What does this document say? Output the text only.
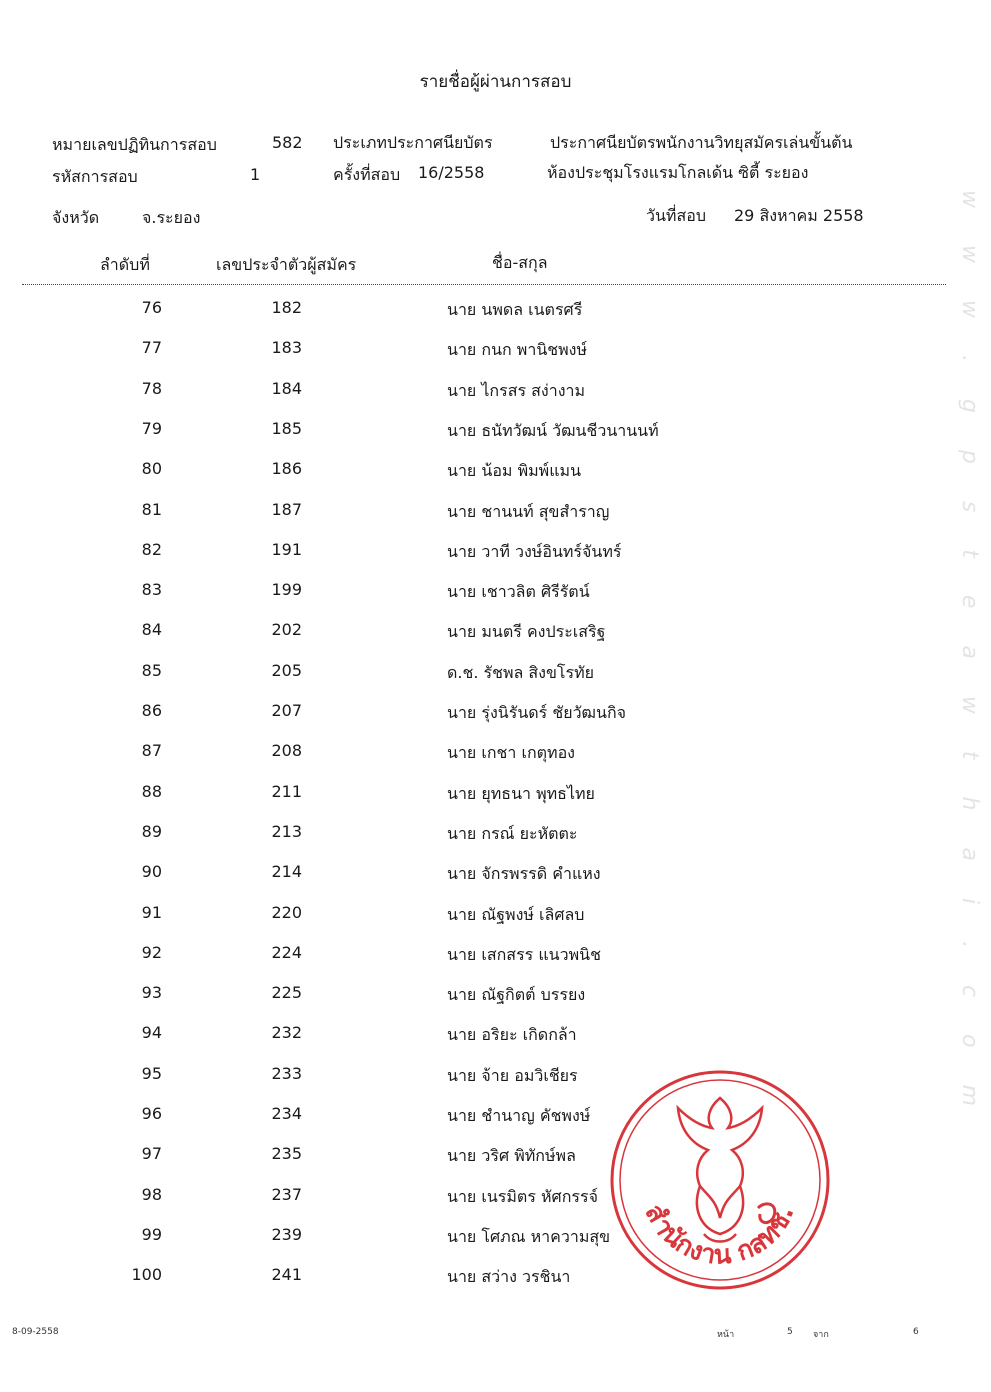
รายชื่อผู้ผ่านการสอบ
หมายเลขปฏิทินการสอบ	582 ประเภทประกาศนียบัตร	ประกาศนียบัตรพนักงานวิทยุสมัครเล่นขั้นต้น
รหัสการสอบ	1	ครั้งที่สอบ 16/2558	ห้องประชุมโรงแรมโกลเด้น ซิตี้ ระยอง
จังหวัด	จ.ระยอง	วันที่สอบ 29 สิงหาคม 2558
ลำดับที่	เลขประจำตัวผู้สมัคร	ชื่อ-สกุล
76	182	นาย นพดล เนตรศรี
77	183	นาย กนก พานิชพงษ์
78	184	นาย ไกรสร สง่างาม
79	185	นาย ธนัทวัฒน์ วัฒนชีวนานนท์
80	186	นาย น้อม พิมพ์แมน
81	187	นาย ชานนท์ สุขสำราญ
82	191	นาย วาที วงษ์อินทร์จันทร์
83	199	นาย เชาวลิต ศิรีรัตน์
84	202	นาย มนตรี คงประเสริฐ
85	205	ด.ช. รัชพล สิงขโรทัย
86	207	นาย รุ่งนิรันดร์ ชัยวัฒนกิจ
87	208	นาย เกชา เกตุทอง
88	211	นาย ยุทธนา พุทธไทย
89	213	นาย กรณ์ ยะหัตตะ
90	214	นาย จักรพรรดิ คำแหง
91	220	นาย ณัฐพงษ์ เลิศลบ
92	224	นาย เสกสรร แนวพนิช
93	225	นาย ณัฐกิตต์ บรรยง
94	232	นาย อริยะ เกิดกล้า
95	233	นาย จ้าย อมวิเชียร
96	234	นาย ชำนาญ คัชพงษ์
97	235	นาย วริศ พิทักษ์พล
98	237	นาย เนรมิตร หัศกรรจ์
99	239	นาย โศภณ หาความสุข
100	241	นาย สว่าง วรชินา
w w w . g p s t e a w t h a i . c o m
สำนักงาน กสทช.
8-09-2558	หน้า	5 จาก	6
